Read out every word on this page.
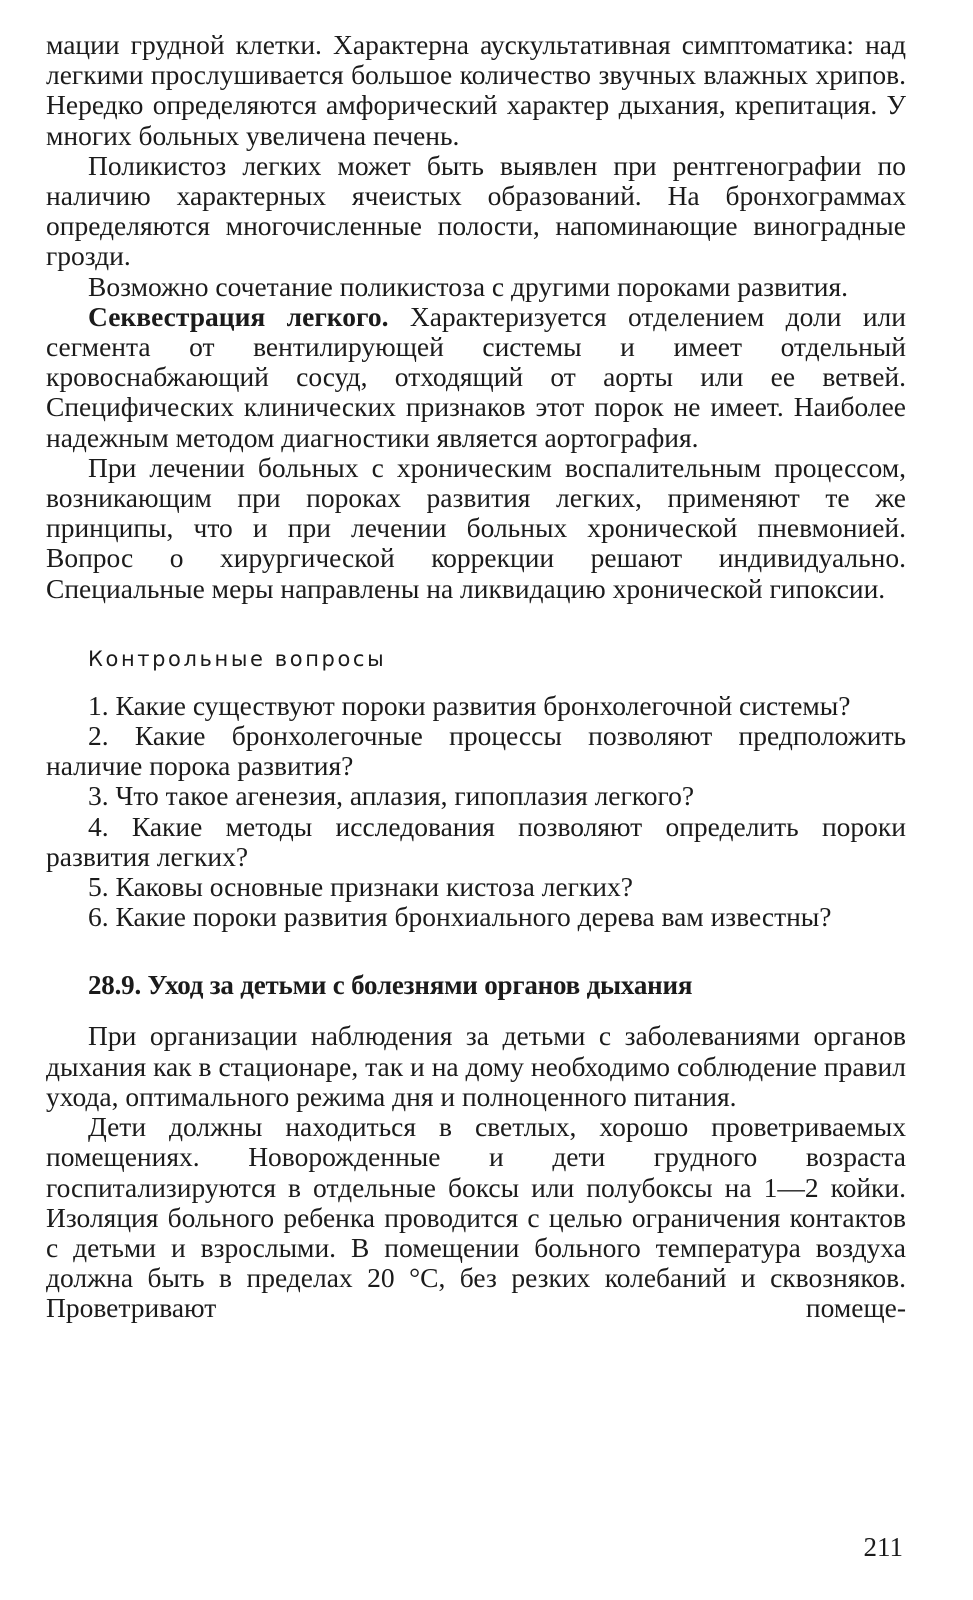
мации грудной клетки. Характерна аускультативная симптоматика: над легкими прослушивается большое количество звучных влажных хрипов. Нередко определяются амфорический характер дыхания, крепитация. У многих больных увеличена печень.

Поликистоз легких может быть выявлен при рентгенографии по наличию характерных ячеистых образований. На бронхограммах определяются многочисленные полости, напоминающие виноградные грозди.

Возможно сочетание поликистоза с другими пороками развития.

Секвестрация легкого. Характеризуется отделением доли или сегмента от вентилирующей системы и имеет отдельный кровоснабжающий сосуд, отходящий от аорты или ее ветвей. Специфических клинических признаков этот порок не имеет. Наиболее надежным методом диагностики является аортография.

При лечении больных с хроническим воспалительным процессом, возникающим при пороках развития легких, применяют те же принципы, что и при лечении больных хронической пневмонией. Вопрос о хирургической коррекции решают индивидуально. Специальные меры направлены на ликвидацию хронической гипоксии.

Контрольные вопросы

1. Какие существуют пороки развития бронхолегочной системы?

2. Какие бронхолегочные процессы позволяют предположить наличие порока развития?

3. Что такое агенезия, аплазия, гипоплазия легкого?

4. Какие методы исследования позволяют определить пороки развития легких?

5. Каковы основные признаки кистоза легких?

6. Какие пороки развития бронхиального дерева вам известны?

28.9. Уход за детьми с болезнями органов дыхания

При организации наблюдения за детьми с заболеваниями органов дыхания как в стационаре, так и на дому необходимо соблюдение правил ухода, оптимального режима дня и полноценного питания.

Дети должны находиться в светлых, хорошо проветриваемых помещениях. Новорожденные и дети грудного возраста госпитализируются в отдельные боксы или полубоксы на 1—2 койки. Изоляция больного ребенка проводится с целью ограничения контактов с детьми и взрослыми. В помещении больного температура воздуха должна быть в пределах 20 °С, без резких колебаний и сквозняков. Проветривают помеще-

211
